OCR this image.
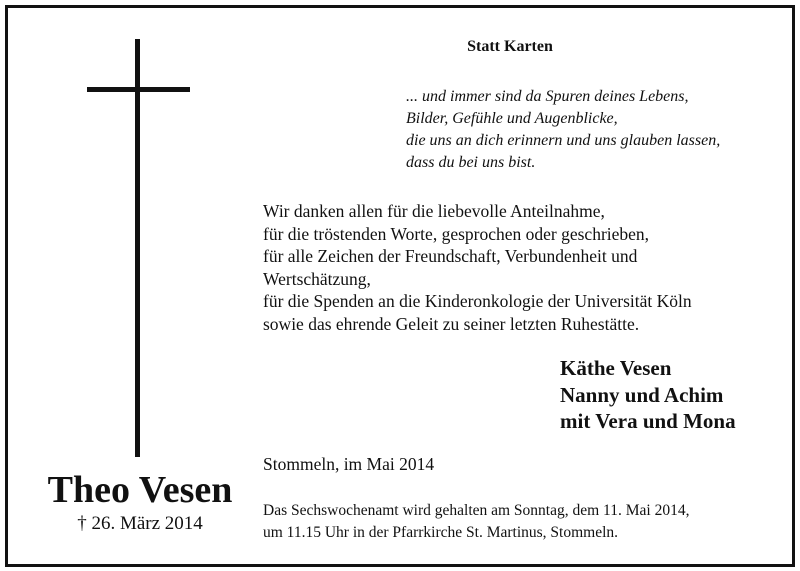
Statt Karten
... und immer sind da Spuren deines Lebens,
Bilder, Gefühle und Augenblicke,
die uns an dich erinnern und uns glauben lassen,
dass du bei uns bist.
Wir danken allen für die liebevolle Anteilnahme,
für die tröstenden Worte, gesprochen oder geschrieben,
für alle Zeichen der Freundschaft, Verbundenheit und
Wertschätzung,
für die Spenden an die Kinderonkologie der Universität Köln
sowie das ehrende Geleit zu seiner letzten Ruhestätte.
Käthe Vesen
Nanny und Achim
mit Vera und Mona
Stommeln, im Mai 2014
Das Sechswochenamt wird gehalten am Sonntag, dem 11. Mai 2014,
um 11.15 Uhr in der Pfarrkirche St. Martinus, Stommeln.
Theo Vesen
† 26. März 2014
